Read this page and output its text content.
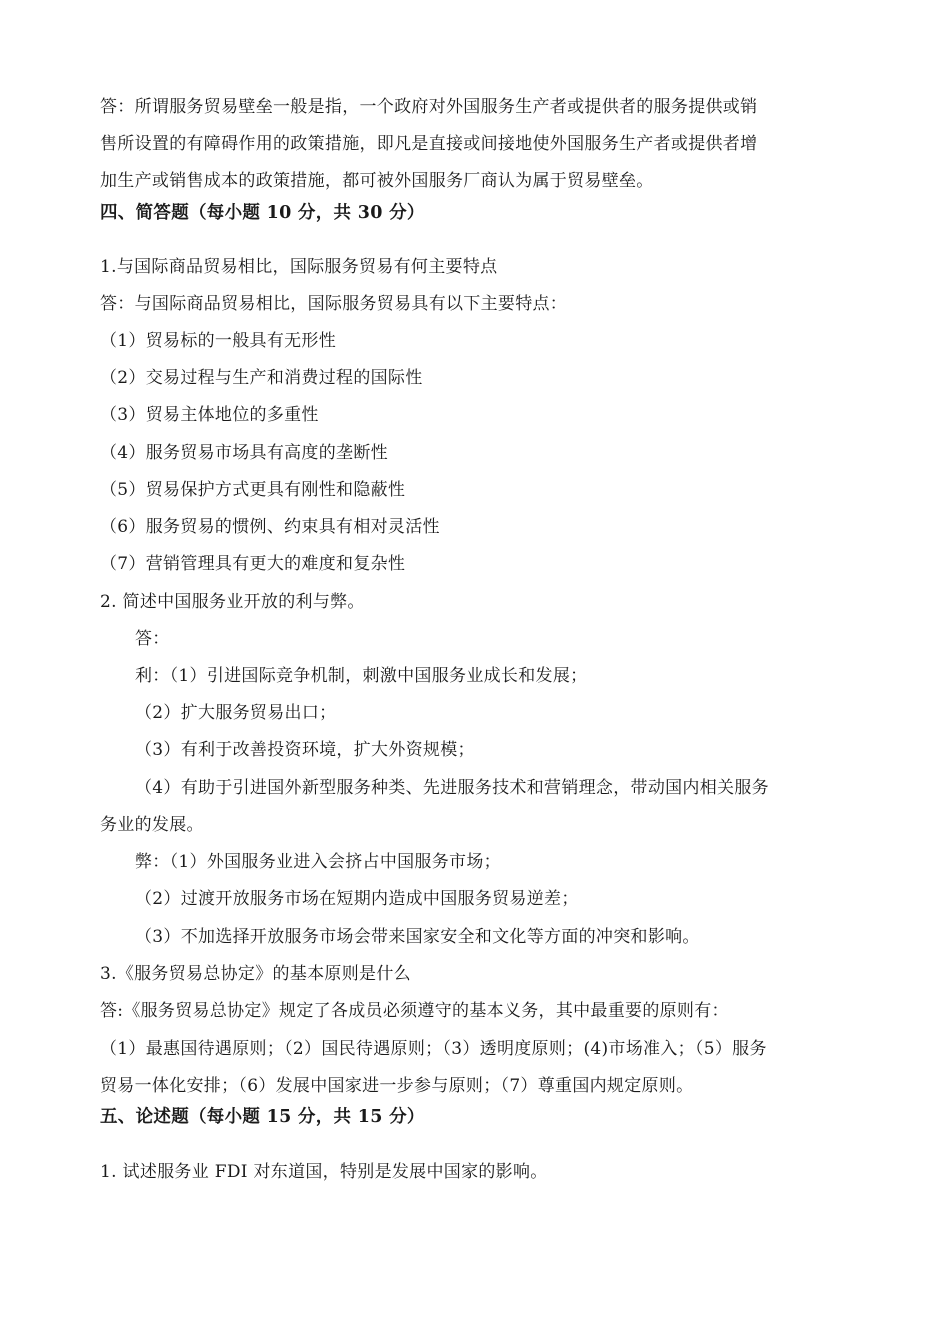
答：所谓服务贸易壁垒一般是指，一个政府对外国服务生产者或提供者的服务提供或销
售所设置的有障碍作用的政策措施，即凡是直接或间接地使外国服务生产者或提供者增
加生产或销售成本的政策措施，都可被外国服务厂商认为属于贸易壁垒。
四、简答题（每小题 10 分，共 30 分）
1.与国际商品贸易相比，国际服务贸易有何主要特点
答：与国际商品贸易相比，国际服务贸易具有以下主要特点：
（1）贸易标的一般具有无形性
（2）交易过程与生产和消费过程的国际性
（3）贸易主体地位的多重性
（4）服务贸易市场具有高度的垄断性
（5）贸易保护方式更具有刚性和隐蔽性
（6）服务贸易的惯例、约束具有相对灵活性
（7）营销管理具有更大的难度和复杂性
2. 简述中国服务业开放的利与弊。
答：
利：（1）引进国际竞争机制，刺激中国服务业成长和发展；
（2）扩大服务贸易出口；
（3）有利于改善投资环境，扩大外资规模；
（4）有助于引进国外新型服务种类、先进服务技术和营销理念，带动国内相关服务
务业的发展。
弊：（1）外国服务业进入会挤占中国服务市场；
（2）过渡开放服务市场在短期内造成中国服务贸易逆差；
（3）不加选择开放服务市场会带来国家安全和文化等方面的冲突和影响。
3.《服务贸易总协定》的基本原则是什么
答:《服务贸易总协定》规定了各成员必须遵守的基本义务，其中最重要的原则有：
（1）最惠国待遇原则；（2）国民待遇原则；（3）透明度原则；(4)市场准入；（5）服务
贸易一体化安排；（6）发展中国家进一步参与原则；（7）尊重国内规定原则。
五、论述题（每小题 15 分，共 15 分）
1. 试述服务业 FDI 对东道国，特别是发展中国家的影响。
